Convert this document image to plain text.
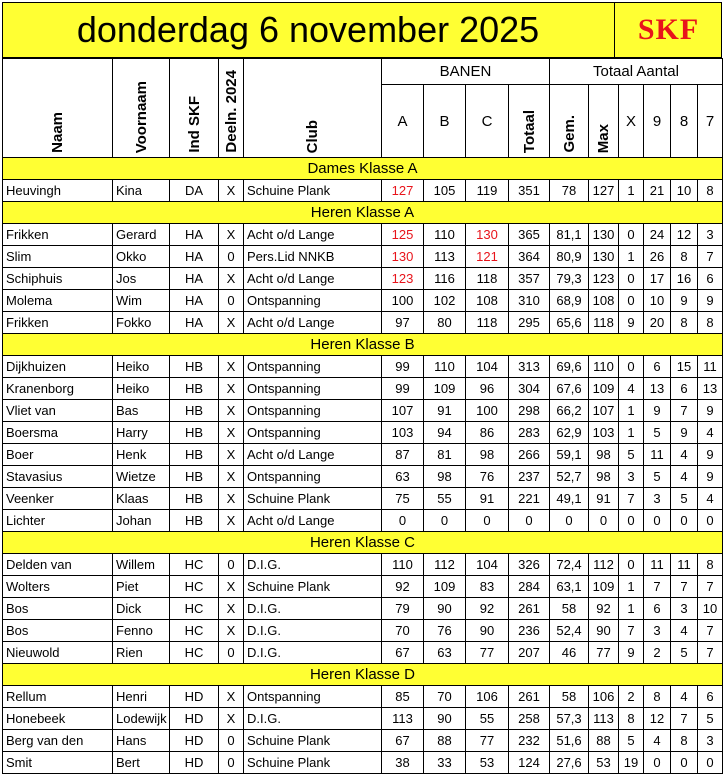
donderdag 6 november 2025	SKF
Naam	Voornaam	Ind SKF	Deeln. 2024	Club	BANEN				Totaal Aantal					
					A	B	C	Totaal	Gem.	Max	X	9	8	7
Dames Klasse A														
Heuvingh	Kina	DA	X	Schuine Plank	127	105	119	351	78	127	1	21	10	8
Heren Klasse A														
Frikken	Gerard	HA	X	Acht o/d Lange	125	110	130	365	81,1	130	0	24	12	3
Slim	Okko	HA	0	Pers.Lid NNKB	130	113	121	364	80,9	130	1	26	8	7
Schiphuis	Jos	HA	X	Acht o/d Lange	123	116	118	357	79,3	123	0	17	16	6
Molema	Wim	HA	0	Ontspanning	100	102	108	310	68,9	108	0	10	9	9
Frikken	Fokko	HA	X	Acht o/d Lange	97	80	118	295	65,6	118	9	20	8	8
Heren Klasse B														
Dijkhuizen	Heiko	HB	X	Ontspanning	99	110	104	313	69,6	110	0	6	15	11
Kranenborg	Heiko	HB	X	Ontspanning	99	109	96	304	67,6	109	4	13	6	13
Vliet van	Bas	HB	X	Ontspanning	107	91	100	298	66,2	107	1	9	7	9
Boersma	Harry	HB	X	Ontspanning	103	94	86	283	62,9	103	1	5	9	4
Boer	Henk	HB	X	Acht o/d Lange	87	81	98	266	59,1	98	5	11	4	9
Stavasius	Wietze	HB	X	Ontspanning	63	98	76	237	52,7	98	3	5	4	9
Veenker	Klaas	HB	X	Schuine Plank	75	55	91	221	49,1	91	7	3	5	4
Lichter	Johan	HB	X	Acht o/d Lange	0	0	0	0	0	0	0	0	0	0
Heren Klasse C														
Delden van	Willem	HC	0	D.I.G.	110	112	104	326	72,4	112	0	11	11	8
Wolters	Piet	HC	X	Schuine Plank	92	109	83	284	63,1	109	1	7	7	7
Bos	Dick	HC	X	D.I.G.	79	90	92	261	58	92	1	6	3	10
Bos	Fenno	HC	X	D.I.G.	70	76	90	236	52,4	90	7	3	4	7
Nieuwold	Rien	HC	0	D.I.G.	67	63	77	207	46	77	9	2	5	7
Heren Klasse D														
Rellum	Henri	HD	X	Ontspanning	85	70	106	261	58	106	2	8	4	6
Honebeek	Lodewijk	HD	X	D.I.G.	113	90	55	258	57,3	113	8	12	7	5
Berg van den	Hans	HD	0	Schuine Plank	67	88	77	232	51,6	88	5	4	8	3
Smit	Bert	HD	0	Schuine Plank	38	33	53	124	27,6	53	19	0	0	0
